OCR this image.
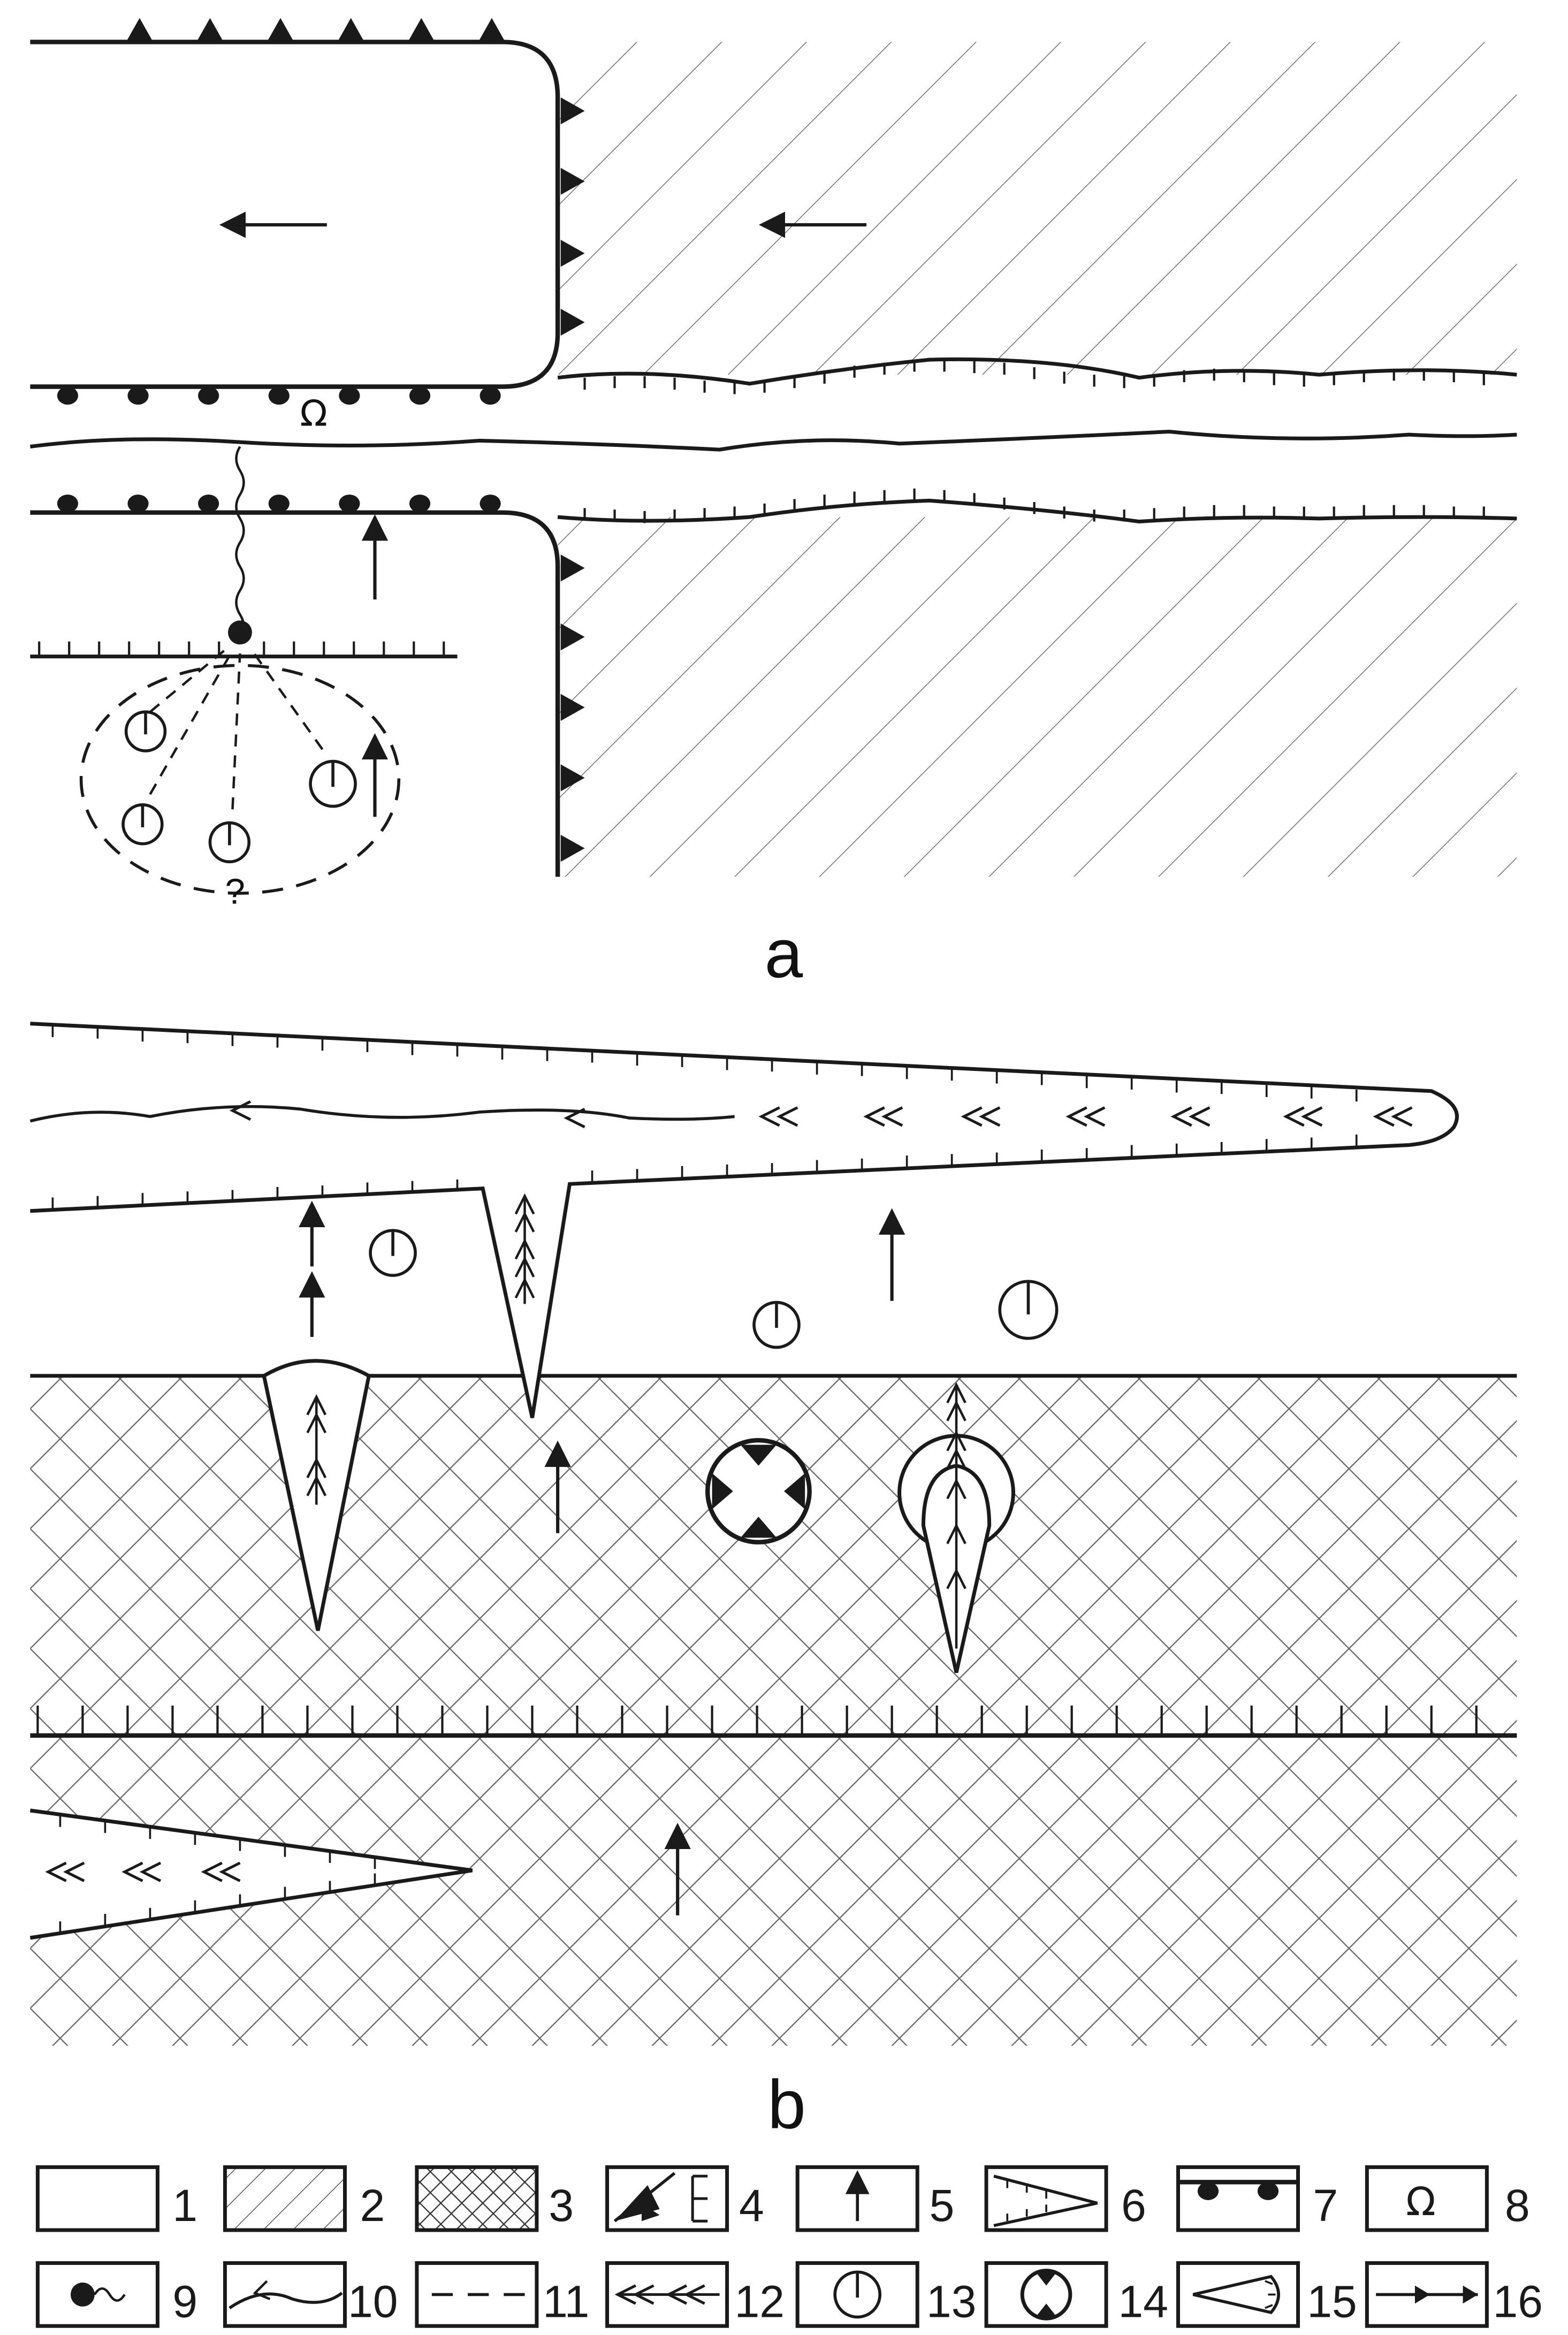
Ω
?
a
b
1	2	3	4	5	6	7	Ω	8
9	10	11	12	13	14	15	16
